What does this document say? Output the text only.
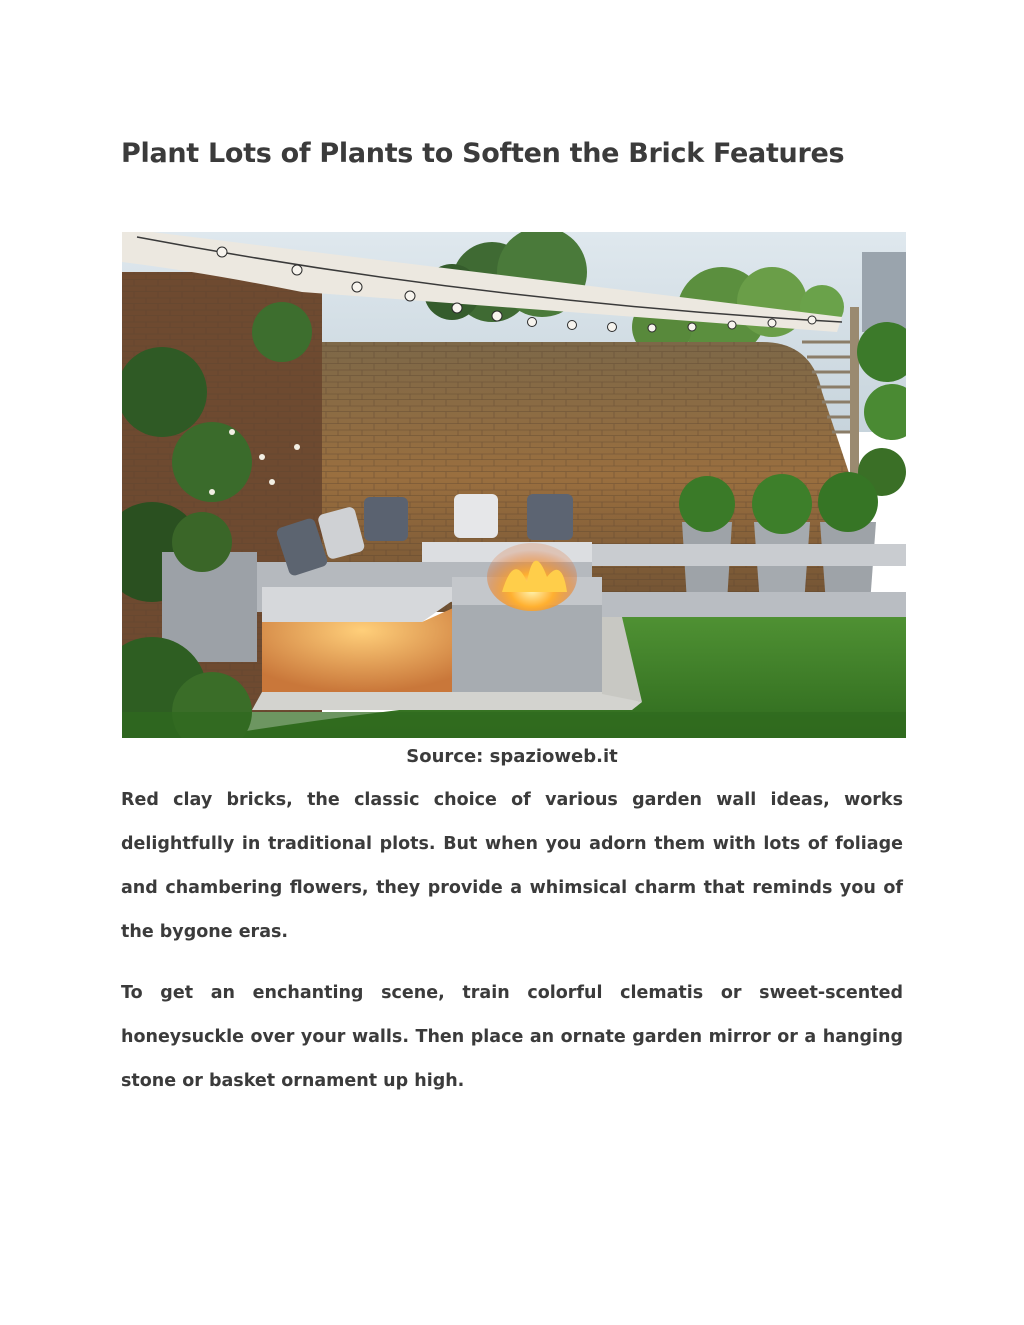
Plant Lots of Plants to Soften the Brick Features
Source: spazioweb.it

Red clay bricks, the classic choice of various garden wall ideas, works delightfully in traditional plots. But when you adorn them with lots of foliage and chambering flowers, they provide a whimsical charm that reminds you of the bygone eras.

To get an enchanting scene, train colorful clematis or sweet-scented honeysuckle over your walls. Then place an ornate garden mirror or a hanging stone or basket ornament up high.
